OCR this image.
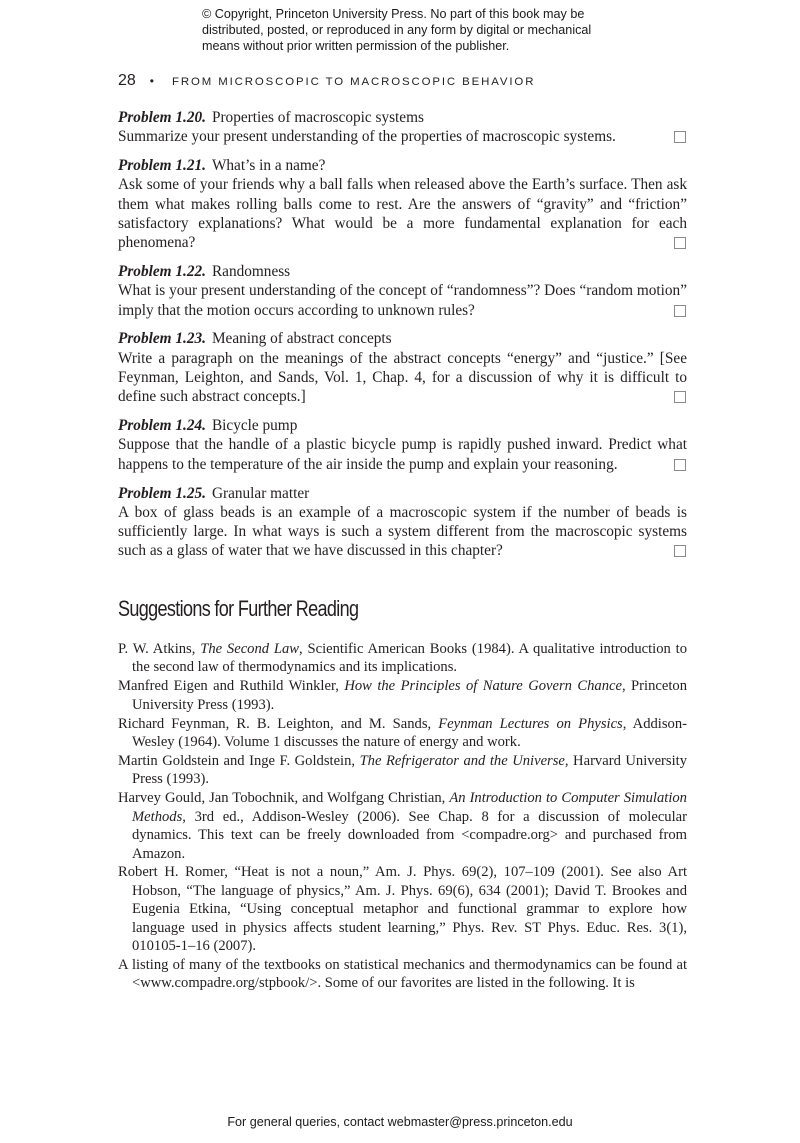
© Copyright, Princeton University Press. No part of this book may be
distributed, posted, or reproduced in any form by digital or mechanical
means without prior written permission of the publisher.
28 • FROM MICROSCOPIC TO MACROSCOPIC BEHAVIOR
Problem 1.20. Properties of macroscopic systems
Summarize your present understanding of the properties of macroscopic systems.
Problem 1.21. What’s in a name?
Ask some of your friends why a ball falls when released above the Earth’s surface. Then ask them what makes rolling balls come to rest. Are the answers of “gravity” and “friction” satisfactory explanations? What would be a more fundamental explanation for each phenomena?
Problem 1.22. Randomness
What is your present understanding of the concept of “randomness”? Does “random motion” imply that the motion occurs according to unknown rules?
Problem 1.23. Meaning of abstract concepts
Write a paragraph on the meanings of the abstract concepts “energy” and “justice.” [See Feynman, Leighton, and Sands, Vol. 1, Chap. 4, for a discussion of why it is difficult to define such abstract concepts.]
Problem 1.24. Bicycle pump
Suppose that the handle of a plastic bicycle pump is rapidly pushed inward. Predict what happens to the temperature of the air inside the pump and explain your reasoning.
Problem 1.25. Granular matter
A box of glass beads is an example of a macroscopic system if the number of beads is sufficiently large. In what ways is such a system different from the macroscopic systems such as a glass of water that we have discussed in this chapter?
Suggestions for Further Reading
P. W. Atkins, The Second Law, Scientific American Books (1984). A qualitative introduction to the second law of thermodynamics and its implications.
Manfred Eigen and Ruthild Winkler, How the Principles of Nature Govern Chance, Princeton University Press (1993).
Richard Feynman, R. B. Leighton, and M. Sands, Feynman Lectures on Physics, Addison-Wesley (1964). Volume 1 discusses the nature of energy and work.
Martin Goldstein and Inge F. Goldstein, The Refrigerator and the Universe, Harvard University Press (1993).
Harvey Gould, Jan Tobochnik, and Wolfgang Christian, An Introduction to Computer Simulation Methods, 3rd ed., Addison-Wesley (2006). See Chap. 8 for a discussion of molecular dynamics. This text can be freely downloaded from <compadre.org> and purchased from Amazon.
Robert H. Romer, “Heat is not a noun,” Am. J. Phys. 69(2), 107–109 (2001). See also Art Hobson, “The language of physics,” Am. J. Phys. 69(6), 634 (2001); David T. Brookes and Eugenia Etkina, “Using conceptual metaphor and functional grammar to explore how language used in physics affects student learning,” Phys. Rev. ST Phys. Educ. Res. 3(1), 010105-1–16 (2007).
A listing of many of the textbooks on statistical mechanics and thermodynamics can be found at <www.compadre.org/stpbook/>. Some of our favorites are listed in the following. It is
For general queries, contact webmaster@press.princeton.edu
